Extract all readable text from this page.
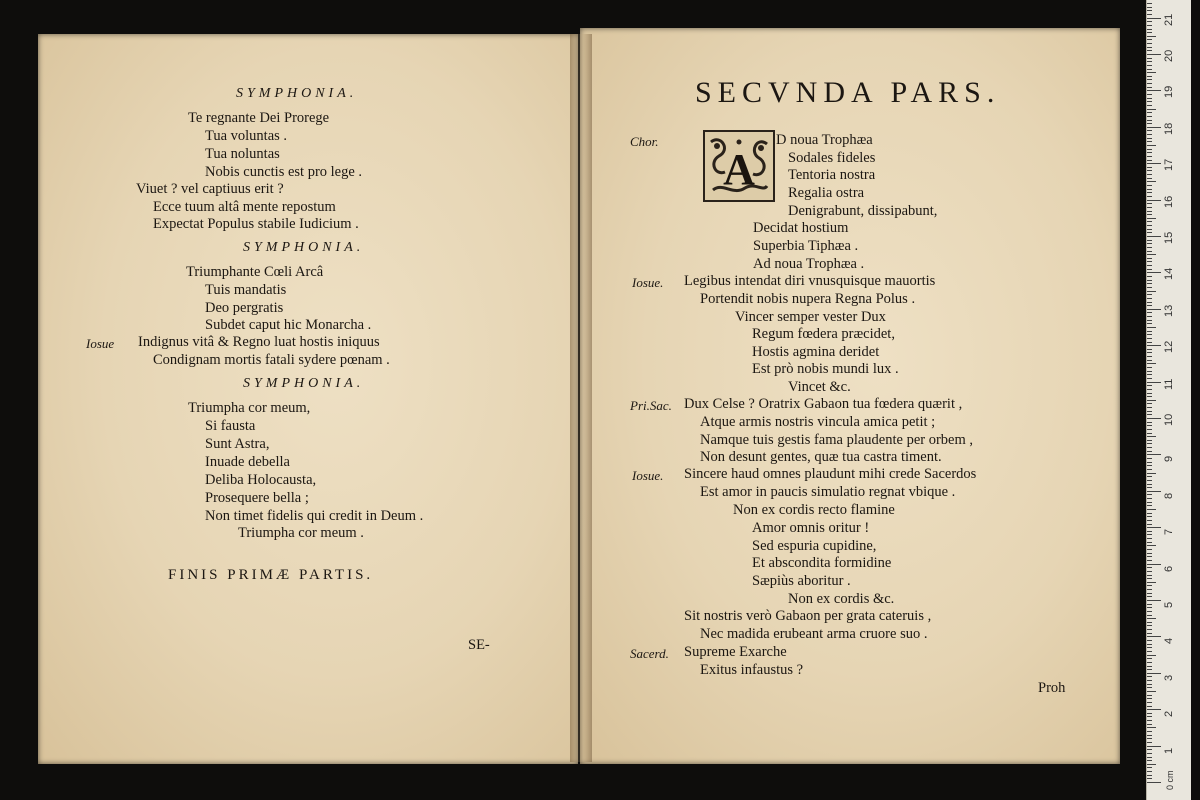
SYMPHONIA.
Te regnante Dei Prorege
Tua voluntas .
Tua noluntas
Nobis cunctis est pro lege .
Viuet ? vel captiuus erit ?
Ecce tuum altâ mente repostum
Expectat Populus stabile Iudicium .
SYMPHONIA.
Triumphante Cœli Arcâ
Tuis mandatis
Deo pergratis
Subdet caput hic Monarcha .
Iosue Indignus vitâ & Regno luat hostis iniquus
Condignam mortis fatali sydere pœnam .
SYMPHONIA.
Triumpha cor meum,
Si fausta
Sunt Astra,
Inuade debella
Deliba Holocausta,
Prosequere bella ;
Non timet fidelis qui credit in Deum .
Triumpha cor meum .
FINIS PRIMÆ PARTIS.
SE-
SECVNDA PARS.
Chor.
A
D noua Trophæa
Sodales fideles
Tentoria nostra
Regalia ostra
Denigrabunt, dissipabunt,
Decidat hostium
Superbia Tiphæa .
Ad noua Trophæa .
Iosue. Legibus intendat diri vnusquisque mauortis
Portendit nobis nupera Regna Polus .
Vincer semper vester Dux
Regum fœdera præcidet,
Hostis agmina deridet
Est prò nobis mundi lux .
Vincet &c.
Pri.Sac. Dux Celse ? Oratrix Gabaon tua fœdera quærit ,
Atque armis nostris vincula amica petit ;
Namque tuis gestis fama plaudente per orbem ,
Non desunt gentes, quæ tua castra timent.
Iosue. Sincere haud omnes plaudunt mihi crede Sacerdos
Est amor in paucis simulatio regnat vbique .
Non ex cordis recto flamine
Amor omnis oritur !
Sed espuria cupidine,
Et abscondita formidine
Sæpiùs aboritur .
Non ex cordis &c.
Sit nostris verò Gabaon per grata cateruis ,
Nec madida erubeant arma cruore suo .
Sacerd. Supreme Exarche
Exitus infaustus ?
Proh
1
2
3
4
5
6
7
8
9
10
11
12
13
14
15
16
17
18
19
20
21
0 cm
